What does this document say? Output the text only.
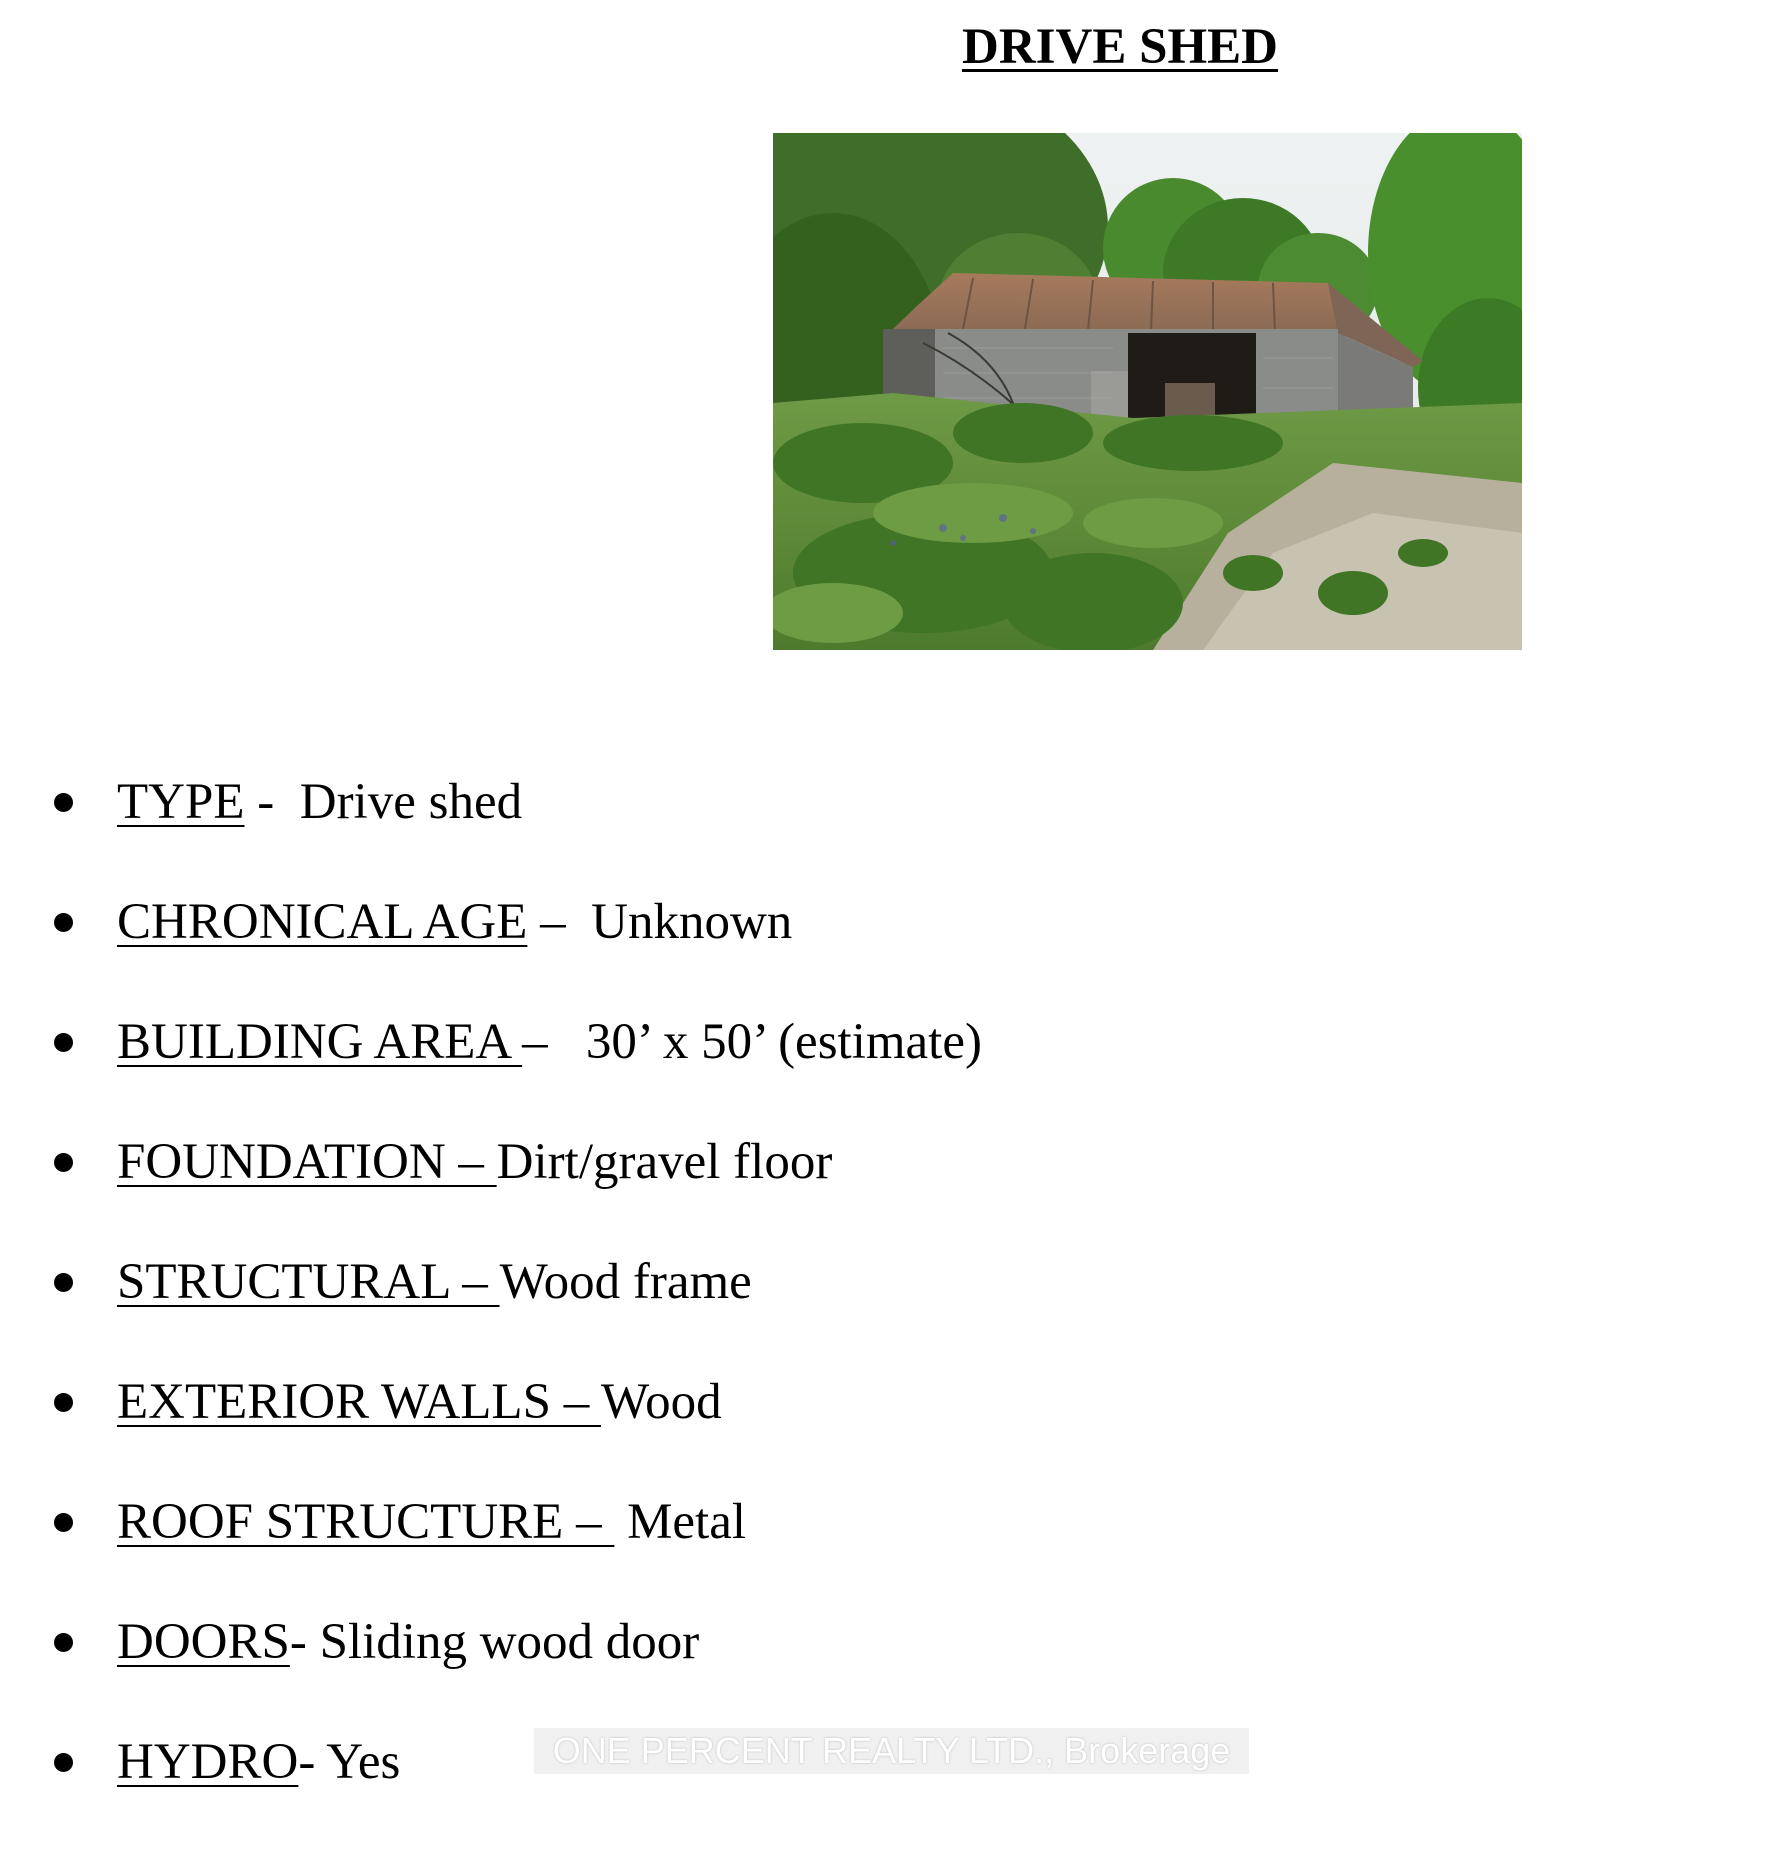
DRIVE SHED
TYPE -  Drive shed
CHRONICAL AGE –  Unknown
BUILDING AREA –   30’ x 50’ (estimate)
FOUNDATION – Dirt/gravel floor
STRUCTURAL – Wood frame
EXTERIOR WALLS – Wood
ROOF STRUCTURE –  Metal
DOORS- Sliding wood door
HYDRO- Yes	ONE PERCENT REALTY LTD., Brokerage
